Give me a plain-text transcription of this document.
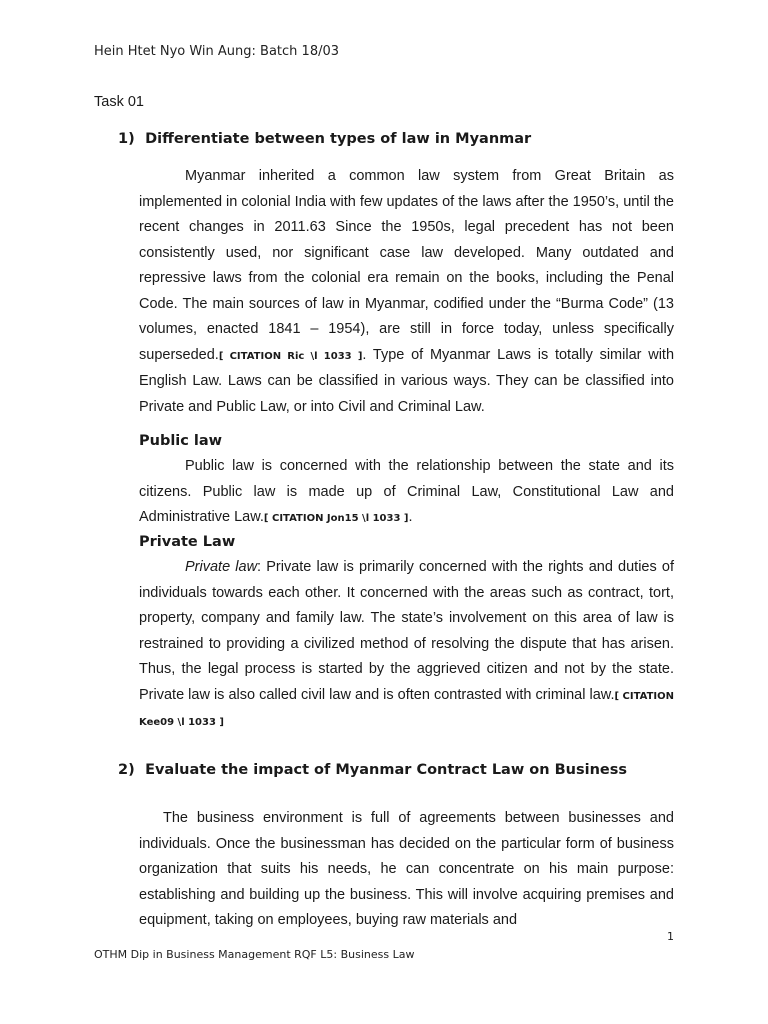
Hein Htet Nyo Win Aung: Batch 18/03
Task 01
1) Differentiate between types of law in Myanmar

Myanmar inherited a common law system from Great Britain as implemented in colonial India with few updates of the laws after the 1950’s, until the recent changes in 2011.63 Since the 1950s, legal precedent has not been consistently used, nor significant case law developed. Many outdated and repressive laws from the colonial era remain on the books, including the Penal Code. The main sources of law in Myanmar, codified under the “Burma Code” (13 volumes, enacted 1841 – 1954), are still in force today, unless specifically superseded.[ CITATION Ric \l 1033 ]. Type of Myanmar Laws is totally similar with English Law. Laws can be classified in various ways. They can be classified into Private and Public Law, or into Civil and Criminal Law.

Public law

Public law is concerned with the relationship between the state and its citizens. Public law is made up of Criminal Law, Constitutional Law and Administrative Law.[ CITATION Jon15 \l 1033 ].

Private Law

Private law: Private law is primarily concerned with the rights and duties of individuals towards each other. It concerned with the areas such as contract, tort, property, company and family law. The state’s involvement on this area of law is restrained to providing a civilized method of resolving the dispute that has arisen. Thus, the legal process is started by the aggrieved citizen and not by the state. Private law is also called civil law and is often contrasted with criminal law.[ CITATION Kee09 \l 1033 ]

2) Evaluate the impact of Myanmar Contract Law on Business

The business environment is full of agreements between businesses and individuals. Once the businessman has decided on the particular form of business organization that suits his needs, he can concentrate on his main purpose: establishing and building up the business. This will involve acquiring premises and equipment, taking on employees, buying raw materials and

1
OTHM Dip in Business Management RQF L5: Business Law
